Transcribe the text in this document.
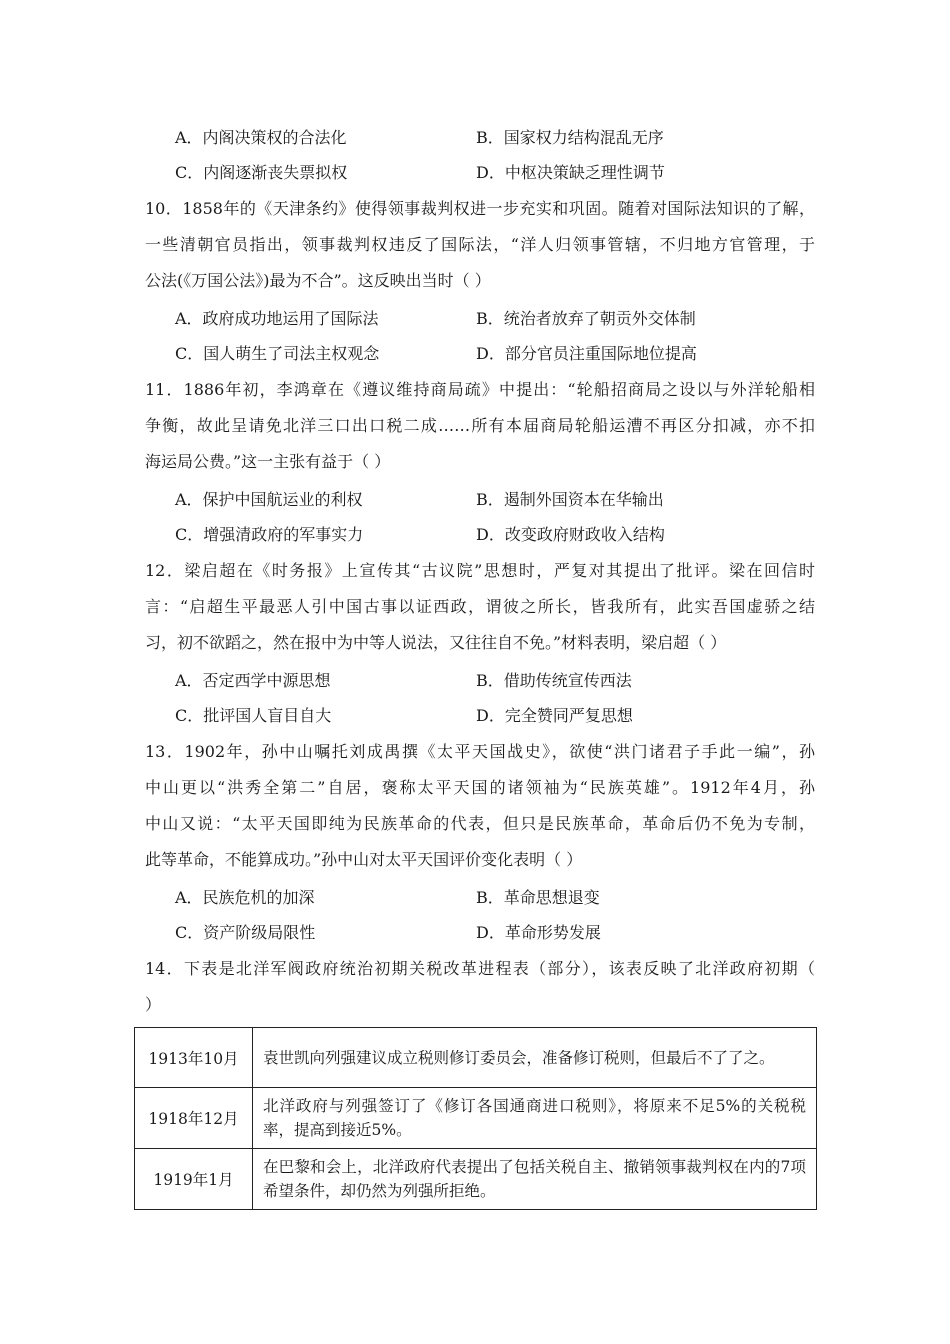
A．内阁决策权的合法化	B．国家权力结构混乱无序
C．内阁逐渐丧失票拟权	D．中枢决策缺乏理性调节
10．1858年的《天津条约》使得领事裁判权进一步充实和巩固。随着对国际法知识的了解，
一些清朝官员指出，领事裁判权违反了国际法，“洋人归领事管辖，不归地方官管理，于
公法(《万国公法》)最为不合”。这反映出当时（ ）
A．政府成功地运用了国际法	B．统治者放弃了朝贡外交体制
C．国人萌生了司法主权观念	D．部分官员注重国际地位提高
11．1886年初，李鸿章在《遵议维持商局疏》中提出：“轮船招商局之设以与外洋轮船相
争衡，故此呈请免北洋三口出口税二成……所有本届商局轮船运漕不再区分扣减，亦不扣
海运局公费。”这一主张有益于（ ）
A．保护中国航运业的利权	B．遏制外国资本在华输出
C．增强清政府的军事实力	D．改变政府财政收入结构
12．梁启超在《时务报》上宣传其“古议院”思想时，严复对其提出了批评。梁在回信时
言：“启超生平最恶人引中国古事以证西政，谓彼之所长，皆我所有，此实吾国虚骄之结
习，初不欲蹈之，然在报中为中等人说法，又往往自不免。”材料表明，梁启超（ ）
A．否定西学中源思想	B．借助传统宣传西法
C．批评国人盲目自大	D．完全赞同严复思想
13．1902年，孙中山嘱托刘成禺撰《太平天国战史》，欲使“洪门诸君子手此一编”，孙
中山更以“洪秀全第二”自居，褒称太平天国的诸领袖为“民族英雄”。1912年4月，孙
中山又说：“太平天国即纯为民族革命的代表，但只是民族革命，革命后仍不免为专制，
此等革命，不能算成功。”孙中山对太平天国评价变化表明（ ）
A．民族危机的加深	B．革命思想退变
C．资产阶级局限性	D．革命形势发展
14．下表是北洋军阀政府统治初期关税改革进程表（部分），该表反映了北洋政府初期（
）
1913年10月	袁世凯向列强建议成立税则修订委员会，准备修订税则，但最后不了了之。
1918年12月	北洋政府与列强签订了《修订各国通商进口税则》，将原来不足5%的关税税率，提高到接近5%。
1919年1月	在巴黎和会上，北洋政府代表提出了包括关税自主、撤销领事裁判权在内的7项希望条件，却仍然为列强所拒绝。
